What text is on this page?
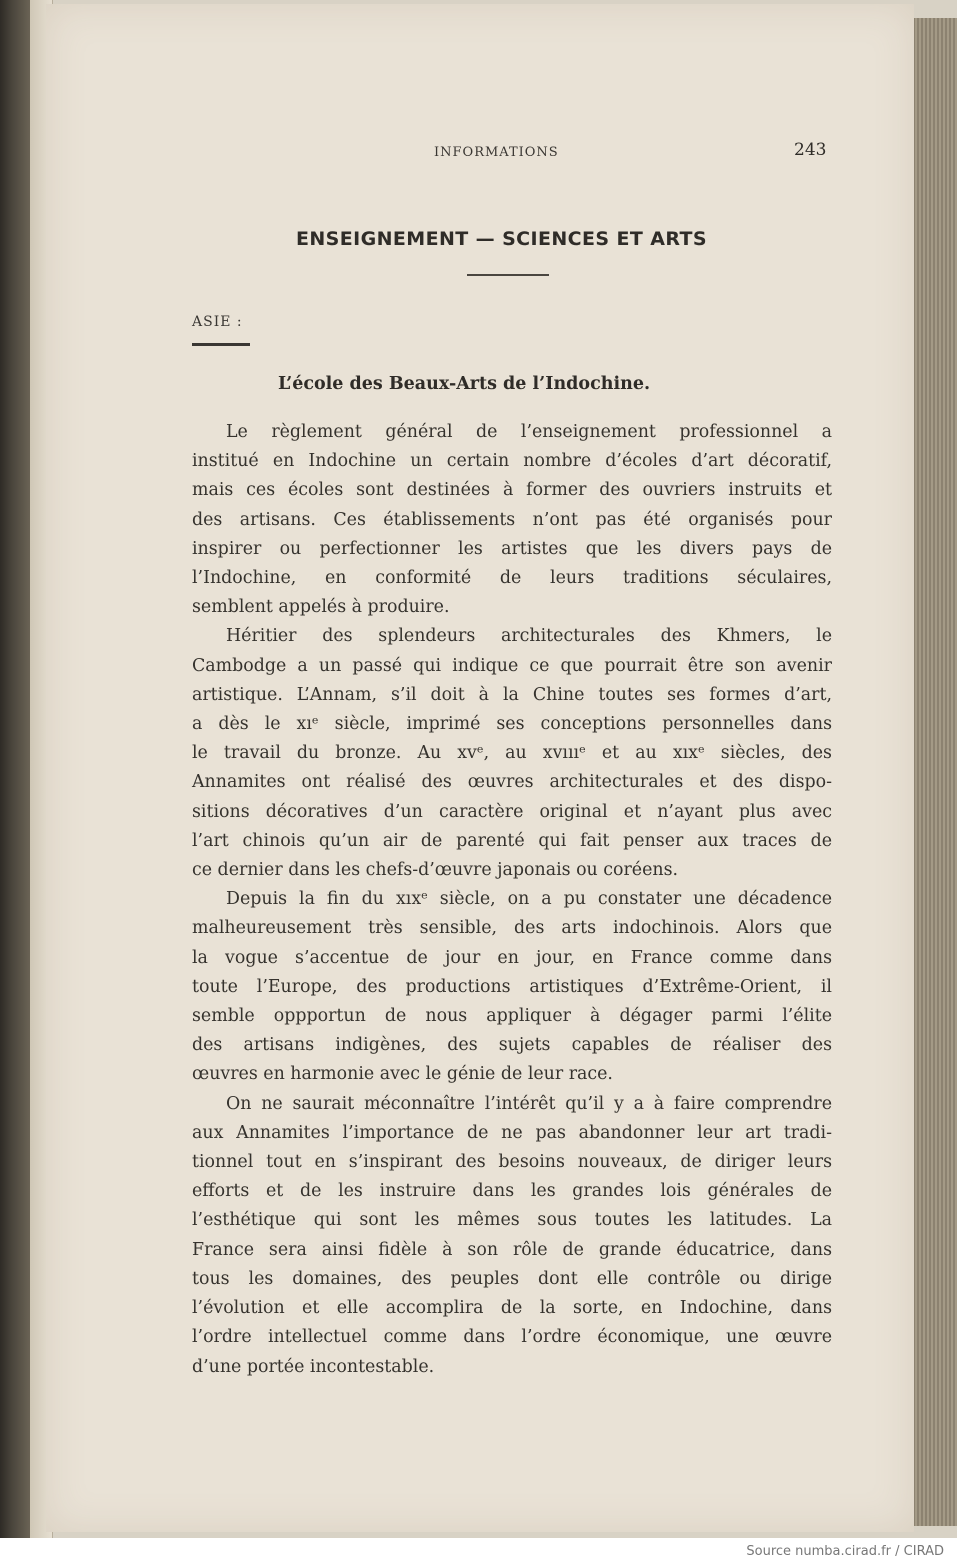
INFORMATIONS	243
ENSEIGNEMENT — SCIENCES ET ARTS
ASIE :
L’école des Beaux-Arts de l’Indochine.
Le règlement général de l’enseignement professionnel a
institué en Indochine un certain nombre d’écoles d’art décoratif,
mais ces écoles sont destinées à former des ouvriers instruits et
des artisans. Ces établissements n’ont pas été organisés pour
inspirer ou perfectionner les artistes que les divers pays de
l’Indochine, en conformité de leurs traditions séculaires,
semblent appelés à produire.
Héritier des splendeurs architecturales des Khmers, le
Cambodge a un passé qui indique ce que pourrait être son avenir
artistique. L’Annam, s’il doit à la Chine toutes ses formes d’art,
a dès le xıᵉ siècle, imprimé ses conceptions personnelles dans
le travail du bronze. Au xvᵉ, au xvıııᵉ et au xıxᵉ siècles, des
Annamites ont réalisé des œuvres architecturales et des dispo-
sitions décoratives d’un caractère original et n’ayant plus avec
l’art chinois qu’un air de parenté qui fait penser aux traces de
ce dernier dans les chefs-d’œuvre japonais ou coréens.
Depuis la fin du xıxᵉ siècle, on a pu constater une décadence
malheureusement très sensible, des arts indochinois. Alors que
la vogue s’accentue de jour en jour, en France comme dans
toute l’Europe, des productions artistiques d’Extrême-Orient, il
semble oppportun de nous appliquer à dégager parmi l’élite
des artisans indigènes, des sujets capables de réaliser des
œuvres en harmonie avec le génie de leur race.
On ne saurait méconnaître l’intérêt qu’il y a à faire comprendre
aux Annamites l’importance de ne pas abandonner leur art tradi-
tionnel tout en s’inspirant des besoins nouveaux, de diriger leurs
efforts et de les instruire dans les grandes lois générales de
l’esthétique qui sont les mêmes sous toutes les latitudes. La
France sera ainsi fidèle à son rôle de grande éducatrice, dans
tous les domaines, des peuples dont elle contrôle ou dirige
l’évolution et elle accomplira de la sorte, en Indochine, dans
l’ordre intellectuel comme dans l’ordre économique, une œuvre
d’une portée incontestable.
Source numba.cirad.fr / CIRAD
